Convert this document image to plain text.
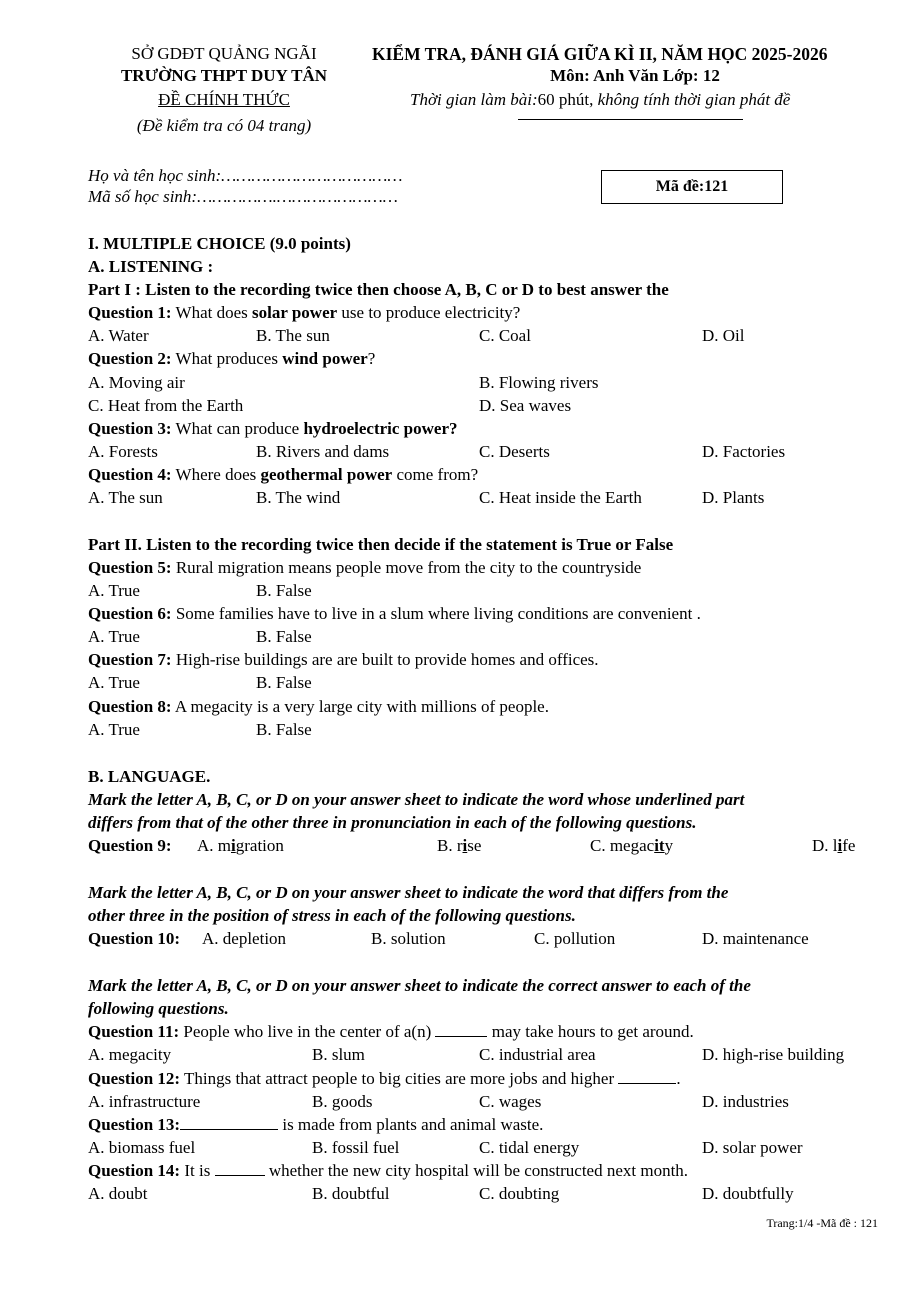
SỞ GDĐT QUẢNG NGÃI
TRƯỜNG THPT DUY TÂN
ĐỀ CHÍNH THỨC
(Đề kiểm tra có 04 trang)
KIỂM TRA, ĐÁNH GIÁ GIỮA KÌ II, NĂM HỌC 2025-2026
Môn: Anh Văn Lớp: 12
Thời gian làm bài:60 phút, không tính thời gian phát đề
Họ và tên học sinh:………………………………
Mã số học sinh:…………….……………………
Mã đề:121
I. MULTIPLE CHOICE (9.0 points)
A. LISTENING :
Part I : Listen to the recording twice then choose A, B, C or D to best answer the
Question 1: What does solar power use to produce electricity?
A. Water	B. The sun	C. Coal	D. Oil
Question 2: What produces wind power?
A. Moving air	B. Flowing rivers
C. Heat from the Earth	D. Sea waves
Question 3: What can produce hydroelectric power?
A. Forests	B. Rivers and dams	C. Deserts	D. Factories
Question 4: Where does geothermal power come from?
A. The sun	B. The wind	C. Heat inside the Earth	D. Plants
Part II. Listen to the recording twice then decide if the statement is True or False
Question 5: Rural migration means people move from the city to the countryside
A. True	B. False
Question 6: Some families have to live in a slum where living conditions are convenient .
A. True	B. False
Question 7: High-rise buildings are are built to provide homes and offices.
A. True	B. False
Question 8: A megacity is a very large city with millions of people.
A. True	B. False
B. LANGUAGE.
Mark the letter A, B, C, or D on your answer sheet to indicate the word whose underlined part
differs from that of the other three in pronunciation in each of the following questions.
Question 9: A. migration	B. rise	C. megacity	D. life
Mark the letter A, B, C, or D on your answer sheet to indicate the word that differs from the
other three in the position of stress in each of the following questions.
Question 10: A. depletion	B. solution	C. pollution	D. maintenance
Mark the letter A, B, C, or D on your answer sheet to indicate the correct answer to each of the
following questions.
Question 11: People who live in the center of a(n)	may take hours to get around.
A. megacity	B. slum	C. industrial area	D. high-rise building
Question 12: Things that attract people to big cities are more jobs and higher	.
A. infrastructure	B. goods	C. wages	D. industries
Question 13:	is made from plants and animal waste.
A. biomass fuel	B. fossil fuel	C. tidal energy	D. solar power
Question 14: It is	whether the new city hospital will be constructed next month.
A. doubt	B. doubtful	C. doubting	D. doubtfully
Trang:1/4 -Mã đề : 121
